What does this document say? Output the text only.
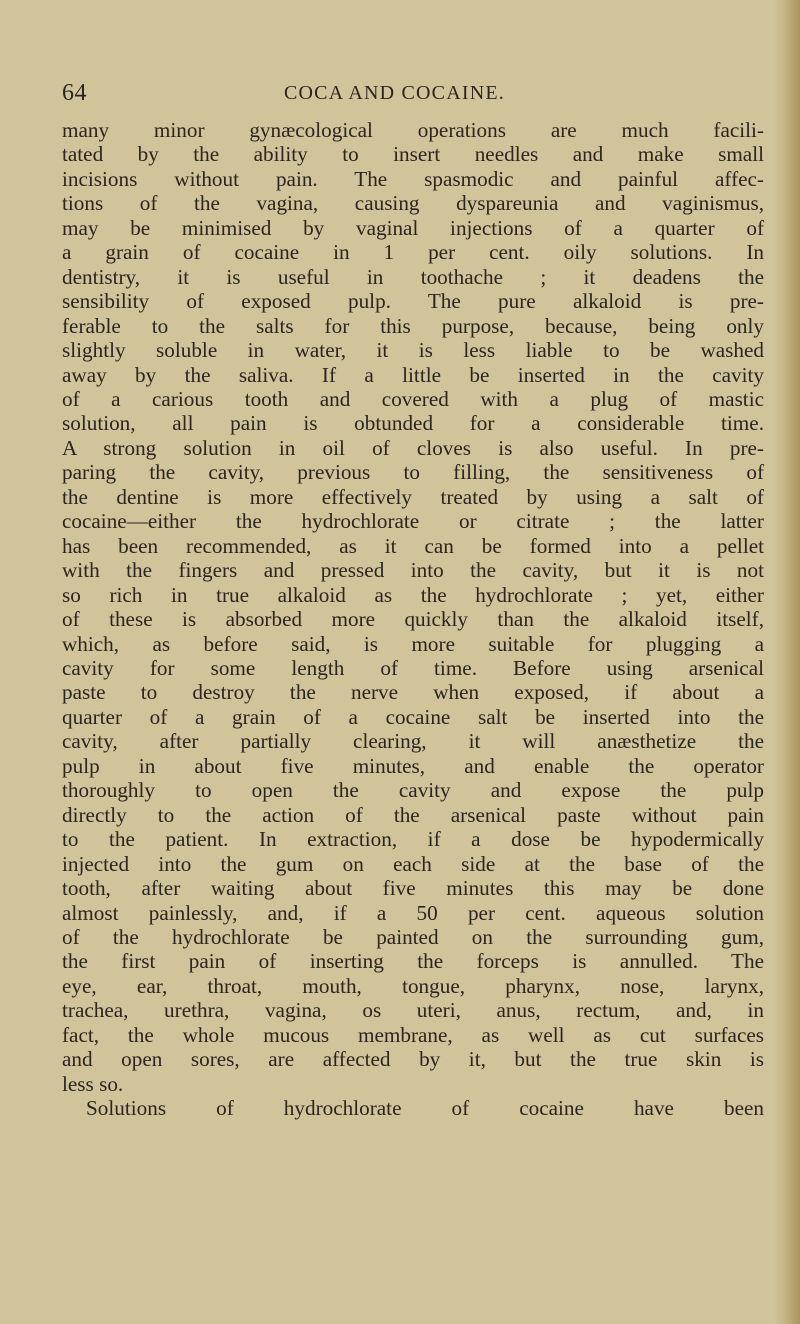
64	COCA AND COCAINE.
many minor gynæcological operations are much facili-
tated by the ability to insert needles and make small
incisions without pain. The spasmodic and painful affec-
tions of the vagina, causing dyspareunia and vaginismus,
may be minimised by vaginal injections of a quarter of
a grain of cocaine in 1 per cent. oily solutions. In
dentistry, it is useful in toothache ; it deadens the
sensibility of exposed pulp. The pure alkaloid is pre-
ferable to the salts for this purpose, because, being only
slightly soluble in water, it is less liable to be washed
away by the saliva. If a little be inserted in the cavity
of a carious tooth and covered with a plug of mastic
solution, all pain is obtunded for a considerable time.
A strong solution in oil of cloves is also useful. In pre-
paring the cavity, previous to filling, the sensitiveness of
the dentine is more effectively treated by using a salt of
cocaine—either the hydrochlorate or citrate ; the latter
has been recommended, as it can be formed into a pellet
with the fingers and pressed into the cavity, but it is not
so rich in true alkaloid as the hydrochlorate ; yet, either
of these is absorbed more quickly than the alkaloid itself,
which, as before said, is more suitable for plugging a
cavity for some length of time. Before using arsenical
paste to destroy the nerve when exposed, if about a
quarter of a grain of a cocaine salt be inserted into the
cavity, after partially clearing, it will anæsthetize the
pulp in about five minutes, and enable the operator
thoroughly to open the cavity and expose the pulp
directly to the action of the arsenical paste without pain
to the patient. In extraction, if a dose be hypodermically
injected into the gum on each side at the base of the
tooth, after waiting about five minutes this may be done
almost painlessly, and, if a 50 per cent. aqueous solution
of the hydrochlorate be painted on the surrounding gum,
the first pain of inserting the forceps is annulled. The
eye, ear, throat, mouth, tongue, pharynx, nose, larynx,
trachea, urethra, vagina, os uteri, anus, rectum, and, in
fact, the whole mucous membrane, as well as cut surfaces
and open sores, are affected by it, but the true skin is
less so.
Solutions of hydrochlorate of cocaine have been
